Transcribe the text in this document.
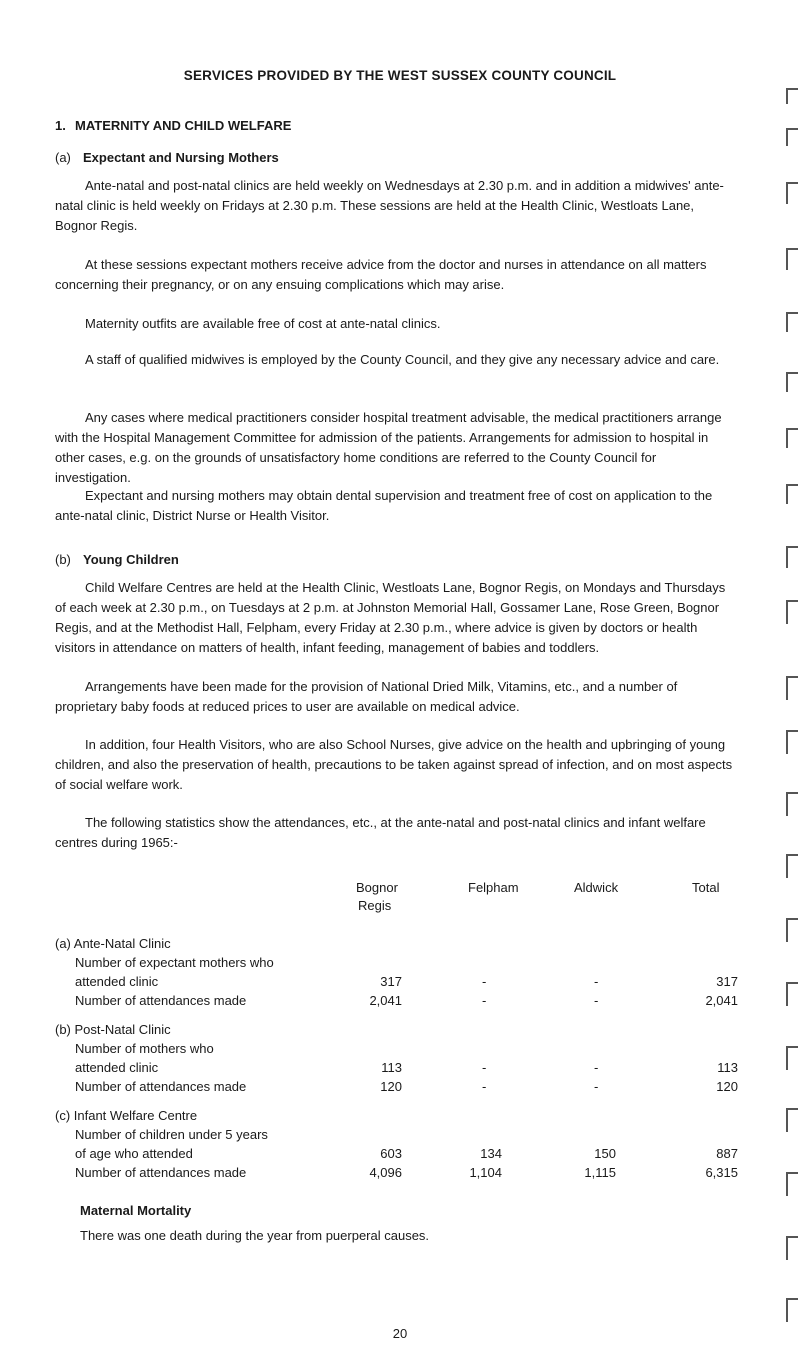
SERVICES PROVIDED BY THE WEST SUSSEX COUNTY COUNCIL
1. MATERNITY AND CHILD WELFARE
(a) Expectant and Nursing Mothers

Ante-natal and post-natal clinics are held weekly on Wednesdays at 2.30 p.m. and in addition a midwives' ante-natal clinic is held weekly on Fridays at 2.30 p.m. These sessions are held at the Health Clinic, Westloats Lane, Bognor Regis.

At these sessions expectant mothers receive advice from the doctor and nurses in attendance on all matters concerning their pregnancy, or on any ensuing complications which may arise.

Maternity outfits are available free of cost at ante-natal clinics.

A staff of qualified midwives is employed by the County Council, and they give any necessary advice and care.

Any cases where medical practitioners consider hospital treatment advisable, the medical practitioners arrange with the Hospital Management Committee for admission of the patients. Arrangements for admission to hospital in other cases, e.g. on the grounds of unsatisfactory home conditions are referred to the County Council for investigation.

Expectant and nursing mothers may obtain dental supervision and treatment free of cost on application to the ante-natal clinic, District Nurse or Health Visitor.

(b) Young Children

Child Welfare Centres are held at the Health Clinic, Westloats Lane, Bognor Regis, on Mondays and Thursdays of each week at 2.30 p.m., on Tuesdays at 2 p.m. at Johnston Memorial Hall, Gossamer Lane, Rose Green, Bognor Regis, and at the Methodist Hall, Felpham, every Friday at 2.30 p.m., where advice is given by doctors or health visitors in attendance on matters of health, infant feeding, management of babies and toddlers.

Arrangements have been made for the provision of National Dried Milk, Vitamins, etc., and a number of proprietary baby foods at reduced prices to user are available on medical advice.

In addition, four Health Visitors, who are also School Nurses, give advice on the health and upbringing of young children, and also the preservation of health, precautions to be taken against spread of infection, and on most aspects of social welfare work.

The following statistics show the attendances, etc., at the ante-natal and post-natal clinics and infant welfare centres during 1965:-

Bognor
Regis
Felpham	Aldwick	Total
(a) Ante-Natal Clinic
Number of expectant mothers who
attended clinic	317	-	-	317
Number of attendances made	2,041	-	-	2,041
(b) Post-Natal Clinic
Number of mothers who
attended clinic	113	-	-	113
Number of attendances made	120	-	-	120
(c) Infant Welfare Centre
Number of children under 5 years
of age who attended	603	134	150	887
Number of attendances made	4,096	1,104	1,115	6,315
Maternal Mortality
There was one death during the year from puerperal causes.
20
